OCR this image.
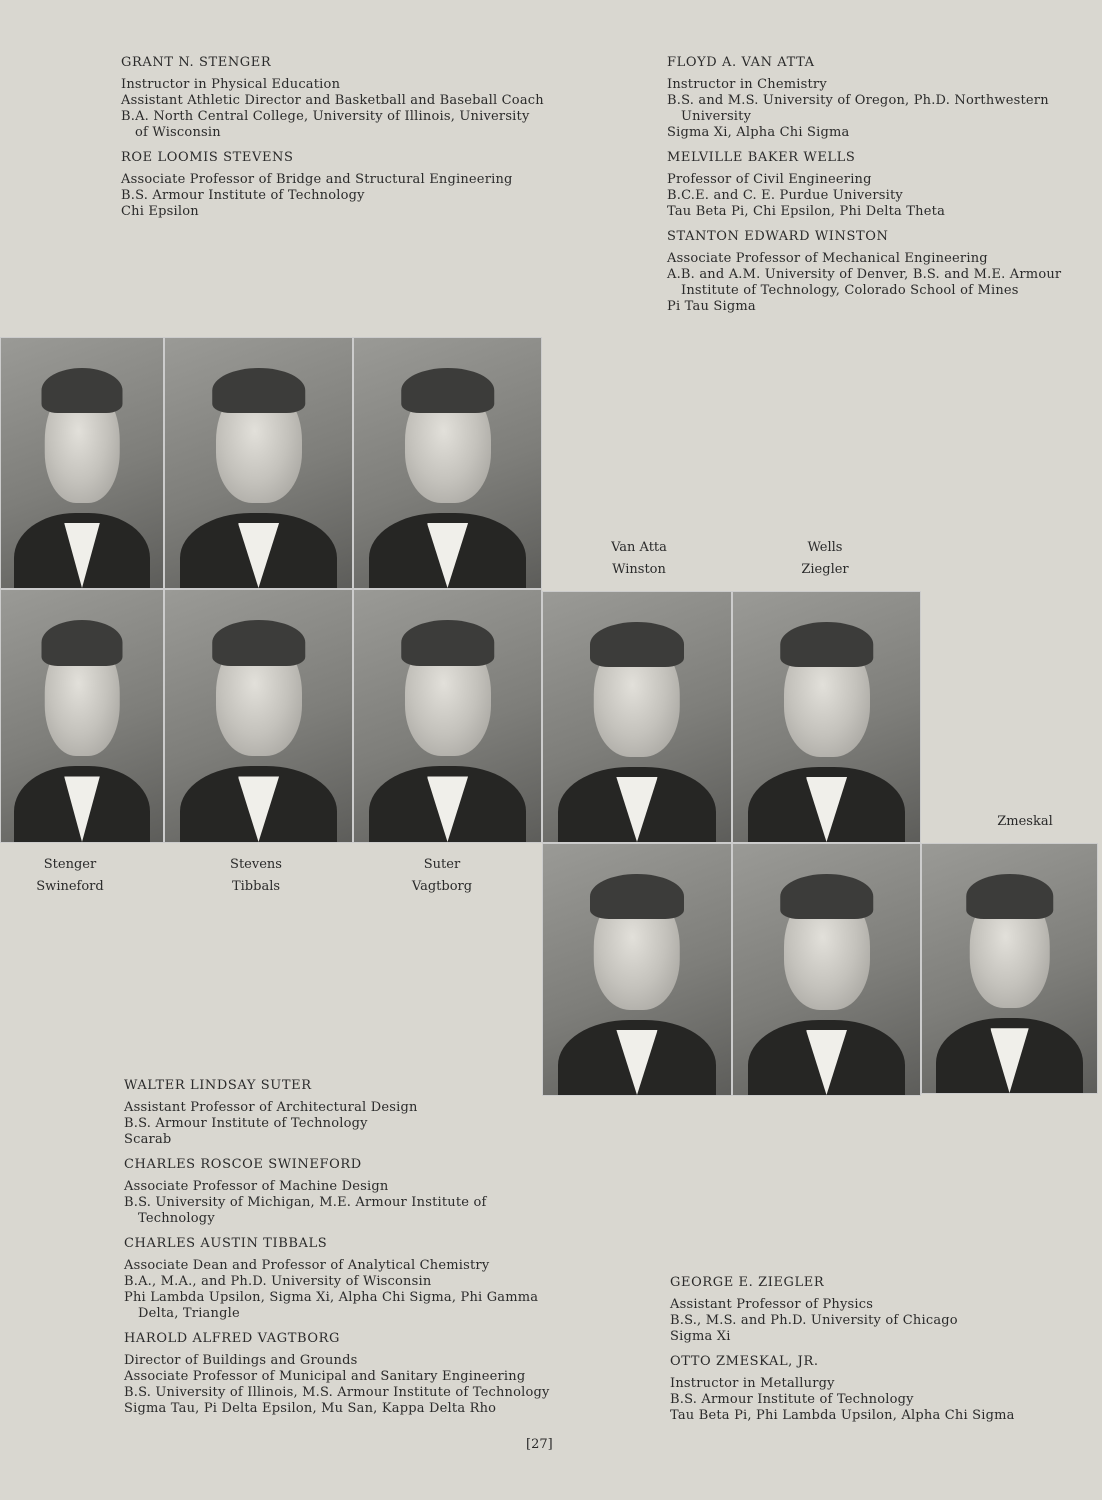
GRANT N. STENGER
Instructor in Physical Education
Assistant Athletic Director and Basketball and Baseball Coach
B.A. North Central College, University of Illinois, University
of Wisconsin
ROE LOOMIS STEVENS
Associate Professor of Bridge and Structural Engineering
B.S. Armour Institute of Technology
Chi Epsilon
FLOYD A. VAN ATTA
Instructor in Chemistry
B.S. and M.S. University of Oregon, Ph.D. Northwestern
University
Sigma Xi, Alpha Chi Sigma
MELVILLE BAKER WELLS
Professor of Civil Engineering
B.C.E. and C. E. Purdue University
Tau Beta Pi, Chi Epsilon, Phi Delta Theta
STANTON EDWARD WINSTON
Associate Professor of Mechanical Engineering
A.B. and A.M. University of Denver, B.S. and M.E. Armour
Institute of Technology, Colorado School of Mines
Pi Tau Sigma
Van Atta
Winston
Wells
Ziegler
Zmeskal
Stenger
Swineford
Stevens
Tibbals
Suter
Vagtborg
WALTER LINDSAY SUTER
Assistant Professor of Architectural Design
B.S. Armour Institute of Technology
Scarab
CHARLES ROSCOE SWINEFORD
Associate Professor of Machine Design
B.S. University of Michigan, M.E. Armour Institute of
Technology
CHARLES AUSTIN TIBBALS
Associate Dean and Professor of Analytical Chemistry
B.A., M.A., and Ph.D. University of Wisconsin
Phi Lambda Upsilon, Sigma Xi, Alpha Chi Sigma, Phi Gamma
Delta, Triangle
HAROLD ALFRED VAGTBORG
Director of Buildings and Grounds
Associate Professor of Municipal and Sanitary Engineering
B.S. University of Illinois, M.S. Armour Institute of Technology
Sigma Tau, Pi Delta Epsilon, Mu San, Kappa Delta Rho
GEORGE E. ZIEGLER
Assistant Professor of Physics
B.S., M.S. and Ph.D. University of Chicago
Sigma Xi
OTTO ZMESKAL, JR.
Instructor in Metallurgy
B.S. Armour Institute of Technology
Tau Beta Pi, Phi Lambda Upsilon, Alpha Chi Sigma
[27]
